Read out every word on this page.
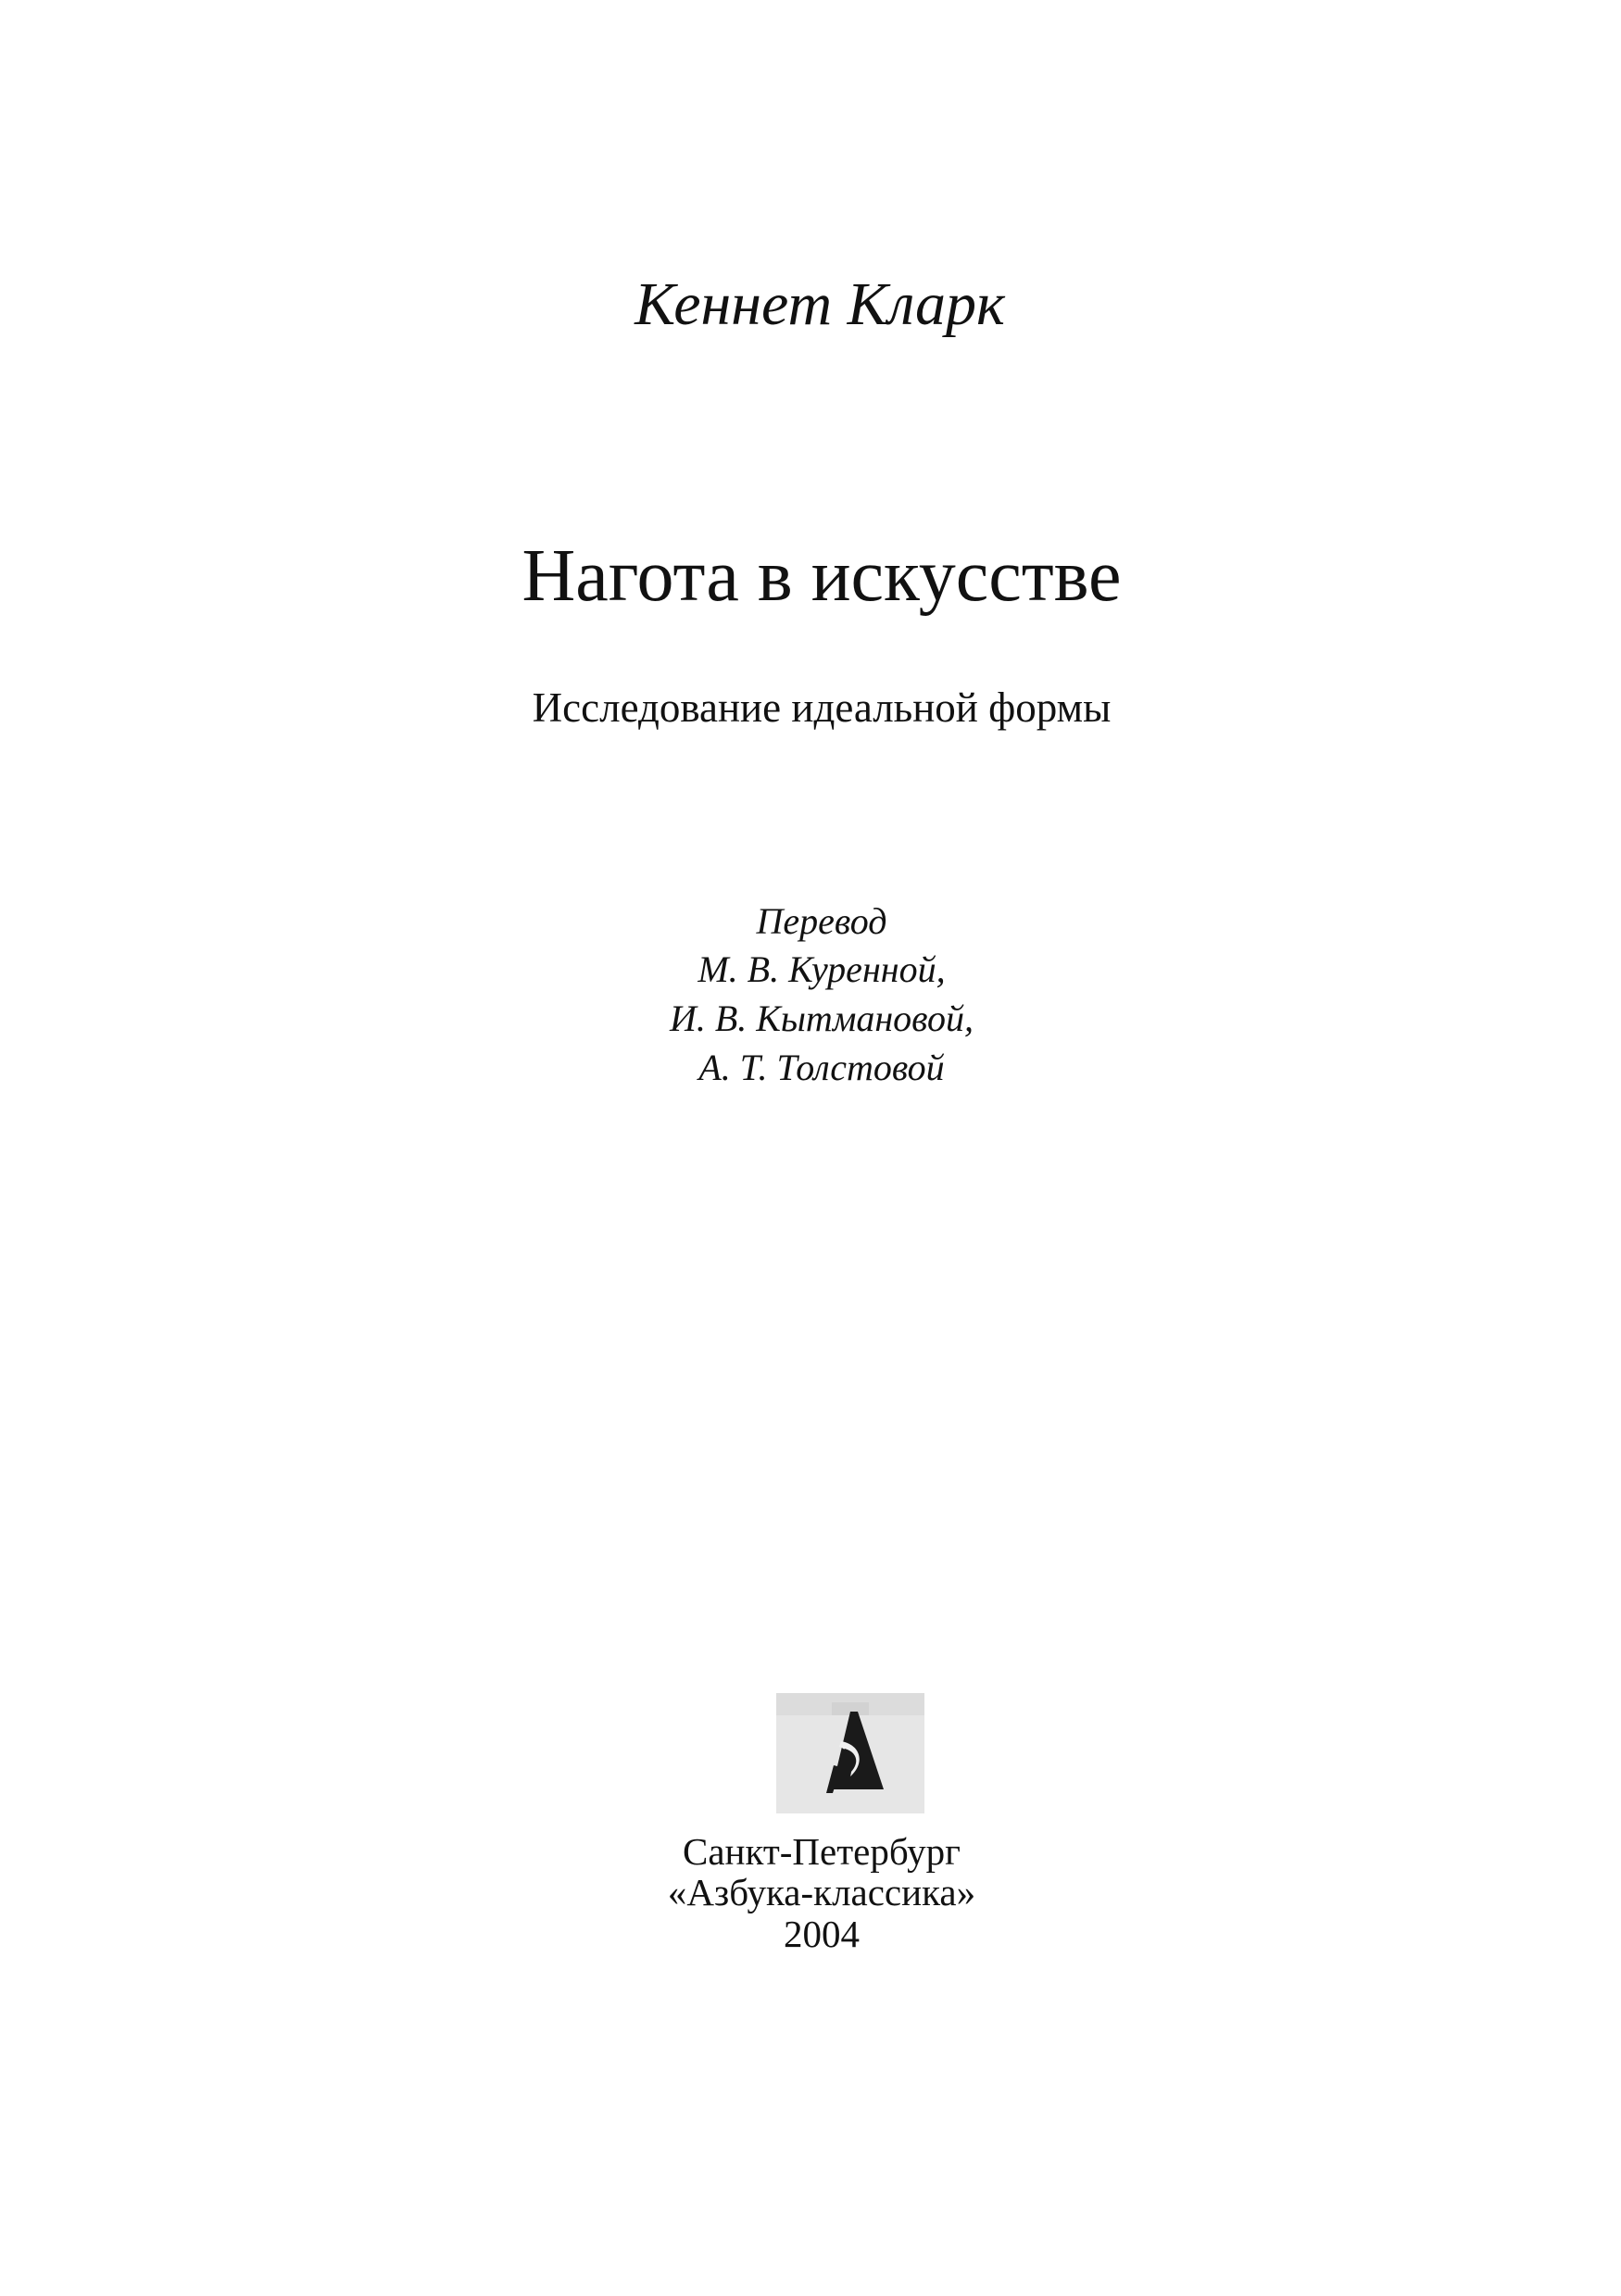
Кеннет Кларк
Нагота в искусстве
Исследование идеальной формы
Перевод
М. В. Куренной,
И. В. Кытмановой,
А. Т. Толстовой
Санкт-Петербург
«Азбука-классика»
2004
